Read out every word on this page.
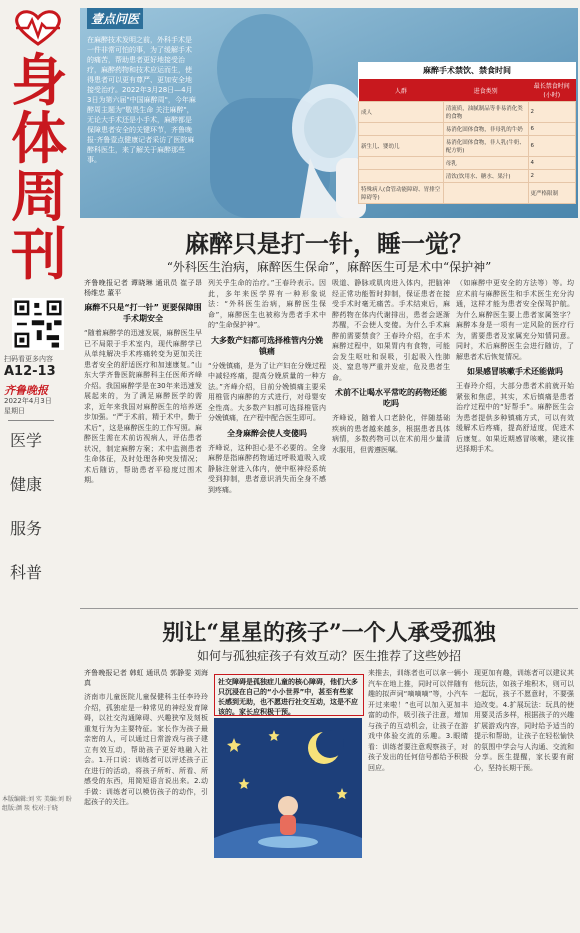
身体周刊
扫码看更多内容
A12-13
齐鲁晚报
2022年4月3日
星期日
医学
健康
服务
科普
本版编辑:刘 实 美编:刘 盼 组版:颜 琰 校对:于晓
壹点问医
在麻醉技术发明之前，外科手术是一件非常可怕的事，为了缓解手术的痛苦，帮助患者更好地接受治疗，麻醉药物和技术应运而生，使得患者可以更有尊严、更加安全地接受治疗。2022年3月28日—4月3日为第六届"中国麻醉周"，今年麻醉周主题为"敬畏生命 关注麻醉"，无论大手术还是小手术，麻醉都是保障患者安全的关键环节，齐鲁晚报·齐鲁壹点健康记者采访了医院麻醉科医生，来了解关于麻醉那些事。
麻醉手术禁饮、禁食时间
人群	进食类别	最长禁食时间(小时)
成人	清流质，油腻制品等非易消化类的食物	2
	易消化固体食物，非母乳的牛奶	6
新生儿、婴幼儿	易消化固体食物，非人乳(牛奶、配方奶)	6
	母乳	4
	清饮(饮用水、糖水、果汁)	2
特殊病人(食管动能障碍、胃排空障碍等)		更严格限制
麻醉只是打一针，睡一觉？
“外科医生治病，麻醉医生保命”，麻醉医生可是术中“保护神”
齐鲁晚报记者 谭晓琳 通讯员 崔子昂 杨维忠 董平
麻醉不只是“打一针” 更要保障围手术期安全
“随着麻醉学的迅速发展，麻醉医生早已不局限于手术室内，现代麻醉学已从单纯解决手术疼痛转变为更加关注患者安全的舒适医疗和加速康复。”山东大学齐鲁医院麻醉科主任医师齐峰介绍。我国麻醉学是在30年来迅速发展起来的，为了满足麻醉医学的需求，近年来我国对麻醉医生的培养逐步加强。“严于术前，精于术中，勤于术后”，这是麻醉医生的工作写照。麻醉医生需在术前访视病人，评估患者状况，制定麻醉方案；术中监测患者生命体征，及时处理各种突发情况；术后随访，帮助患者平稳度过围术期。
列关乎生命的治疗。”王春玲表示。因此，多年来医学界有一种形象说法：“外科医生治病，麻醉医生保命”，麻醉医生也被称为患者手术中的“生命保护神”。
大多数产妇都可选择椎管内分娩镇痛
“分娩镇痛，是为了让产妇在分娩过程中减轻疼痛，提高分娩质量的一种方法。”齐峰介绍，目前分娩镇痛主要采用椎管内麻醉的方式进行，对母婴安全性高。大多数产妇都可选择椎管内分娩镇痛，在产程中配合医生即可。
全身麻醉会使人变傻吗
齐峰说，这种担心是不必要的。全身麻醉是指麻醉药物通过呼吸道吸入或静脉注射进入体内，使中枢神经系统受到抑制，患者意识消失而全身不感到疼痛。
吸道、静脉或肌肉进入体内，把脑神经正常功能暂时抑制，保证患者在接受手术时毫无痛苦。手术结束后，麻醉药物在体内代谢排出，患者会逐渐苏醒，不会使人变傻。为什么手术麻醉前需要禁食？王春玲介绍，在手术麻醉过程中，如果胃内有食物，可能会发生呕吐和误吸，引起吸入性肺炎、窒息等严重并发症，危及患者生命。
术前不让喝水平常吃的药物还能吃吗
齐峰说，随着人口老龄化，伴随基础疾病的患者越来越多，根据患者具体病情，多数药物可以在术前用少量清水服用，但需遵医嘱。
（如麻醉中更安全的方法等）等。均应术前与麻醉医生和手术医生充分沟通，这样才能为患者安全保驾护航。为什么麻醉医生要上患者家属签字？麻醉本身是一项有一定风险的医疗行为，需要患者及家属充分知情同意。同时，术后麻醉医生会进行随访，了解患者术后恢复情况。
如果感冒咳嗽手术还能做吗
王春玲介绍，大部分患者术前就开始紧张和焦虑，其实，术后镇痛是患者治疗过程中的“好帮手”。麻醉医生会为患者提供多种镇痛方式，可以有效缓解术后疼痛，提高舒适度，促进术后康复。如果近期感冒咳嗽，建议推迟择期手术。
别让“星星的孩子”一个人承受孤独
如何与孤独症孩子有效互动？医生推荐了这些妙招
齐鲁晚报记者 韩虹 通讯员 郭静雯 刘海真
济南市儿童医院儿童保健科主任李玲玲介绍，孤独症是一种常见的神经发育障碍，以社交沟通障碍、兴趣狭窄及刻板重复行为为主要特征。家长作为孩子最亲密的人，可以通过日常游戏与孩子建立有效互动，帮助孩子更好地融入社会。1.开口说：训练者可以评述孩子正在进行的活动，将孩子所听、所看、所感受的东西，用简短语言说出来。2.动手做：训练者可以模仿孩子的动作，引起孩子的关注。
社交障碍是孤独症儿童的核心障碍，他们大多只沉浸在自己的“小小世界”中，甚至有些家长感到无助，也不愿进行社交互动，这是不应该的。家长应积极干预。
来推去，训练者也可以拿一辆小汽车在地上推，同时可以伴随有趣的拟声词“嘀嘀嘀”等，小汽车开过来啦！”也可以加入更加丰富的动作，吸引孩子注意，增加与孩子的互动机会，让孩子在游戏中体验交流的乐趣。3.眼睛看：训练者要注意观察孩子，对孩子发出的任何信号都给予积极回应。
现更加有趣，训练者可以建议其他玩法，如孩子堆积木，则可以一起玩，孩子不愿意时，不要强迫改变。4.扩展玩法：玩具的使用要灵活多样，根据孩子的兴趣扩展游戏内容，同时给予适当的提示和帮助，让孩子在轻松愉快的氛围中学会与人沟通、交流和分享。医生提醒，家长要有耐心，坚持长期干预。
